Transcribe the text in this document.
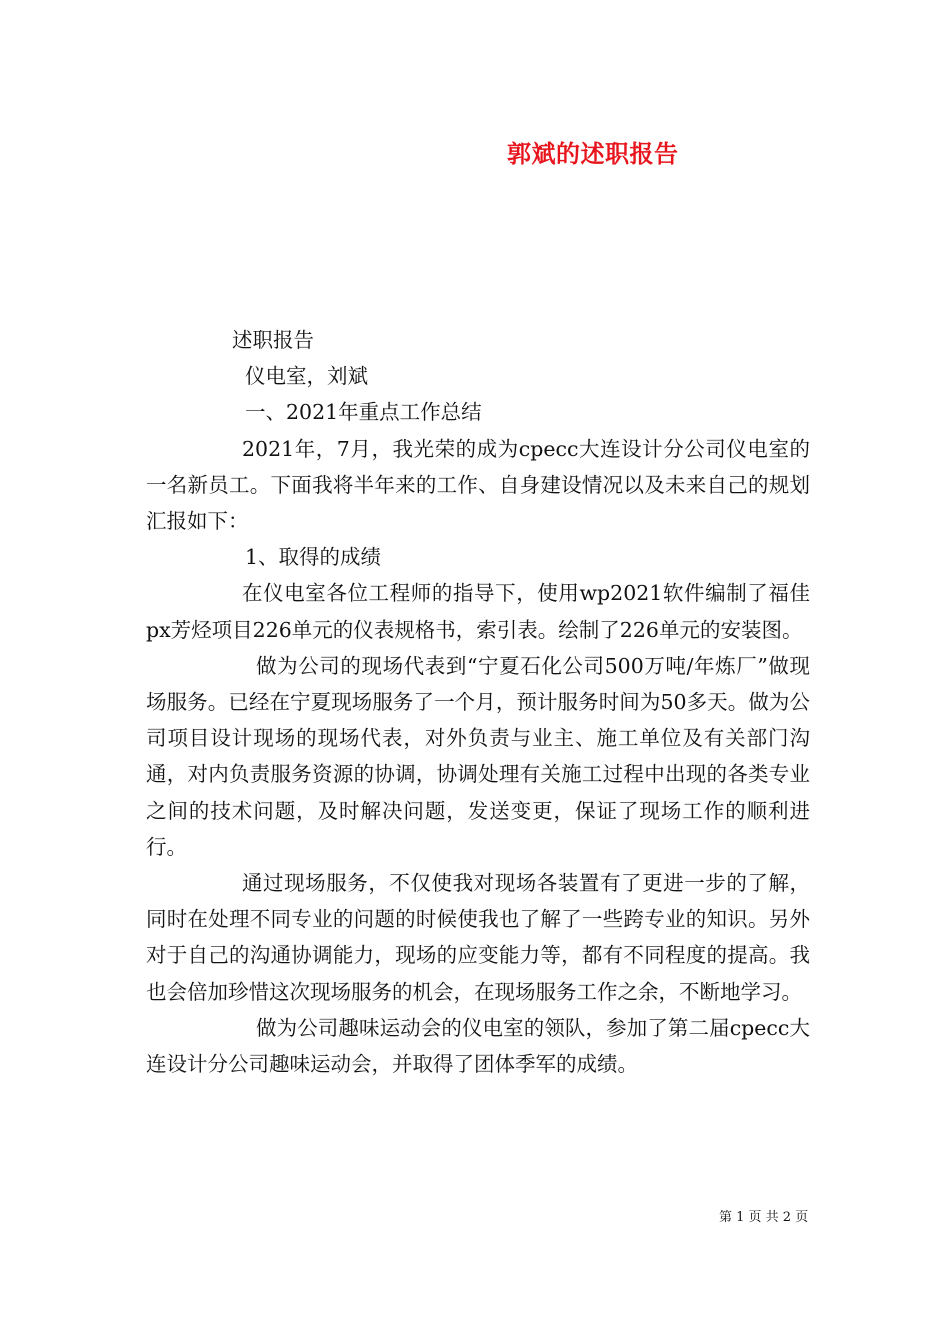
郭斌的述职报告

述职报告

仪电室，刘斌

一、2021年重点工作总结

2021年，7月，我光荣的成为cpecc大连设计分公司仪电室的一名新员工。下面我将半年来的工作、自身建设情况以及未来自己的规划汇报如下：

1、取得的成绩

在仪电室各位工程师的指导下，使用wp2021软件编制了福佳px芳烃项目226单元的仪表规格书，索引表。绘制了226单元的安装图。

做为公司的现场代表到“宁夏石化公司500万吨/年炼厂”做现场服务。已经在宁夏现场服务了一个月，预计服务时间为50多天。做为公司项目设计现场的现场代表，对外负责与业主、施工单位及有关部门沟通，对内负责服务资源的协调，协调处理有关施工过程中出现的各类专业之间的技术问题，及时解决问题，发送变更，保证了现场工作的顺利进行。

通过现场服务，不仅使我对现场各装置有了更进一步的了解，同时在处理不同专业的问题的时候使我也了解了一些跨专业的知识。另外对于自己的沟通协调能力，现场的应变能力等，都有不同程度的提高。我也会倍加珍惜这次现场服务的机会，在现场服务工作之余，不断地学习。

做为公司趣味运动会的仪电室的领队，参加了第二届cpecc大连设计分公司趣味运动会，并取得了团体季军的成绩。

第 1 页 共 2 页
